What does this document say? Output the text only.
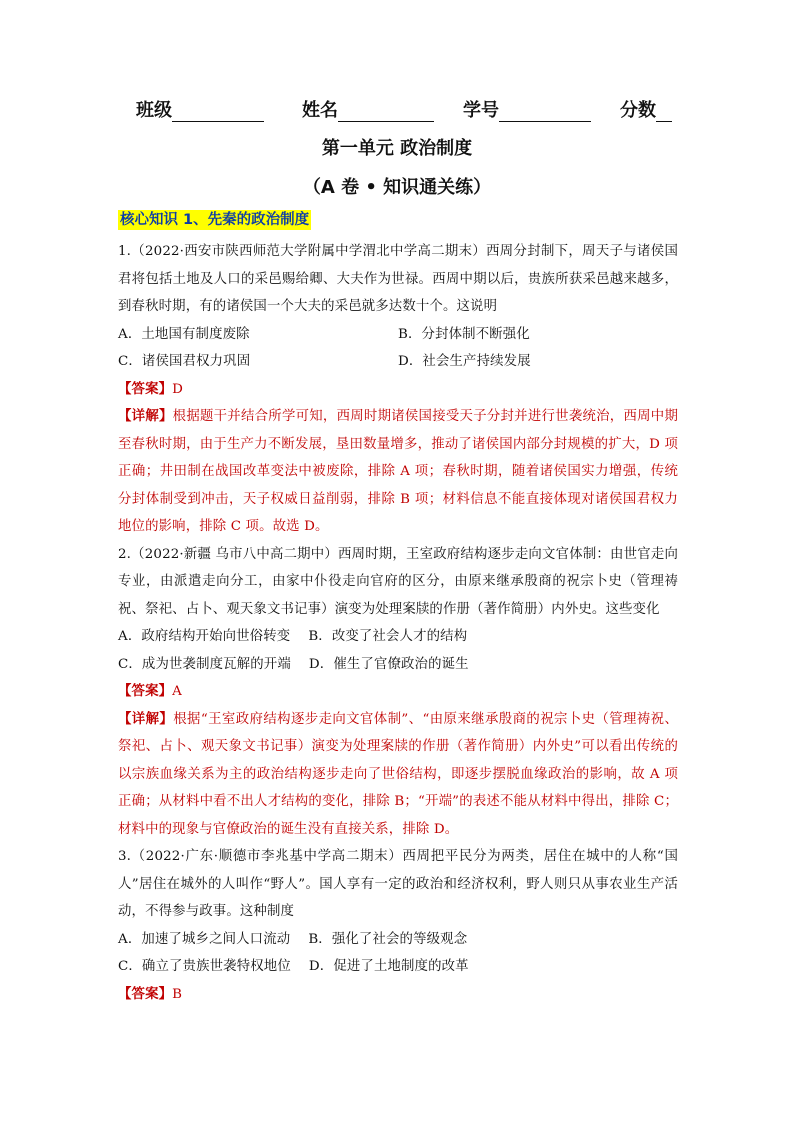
班级	姓名	学号	分数
第一单元 政治制度
（A 卷 • 知识通关练）
核心知识 1、先秦的政治制度

1.（2022·西安市陕西师范大学附属中学渭北中学高二期末）西周分封制下，周天子与诸侯国君将包括土地及人口的采邑赐给卿、大夫作为世禄。西周中期以后，贵族所获采邑越来越多，到春秋时期，有的诸侯国一个大夫的采邑就多达数十个。这说明

A．土地国有制度废除	B．分封体制不断强化
C．诸侯国君权力巩固	D．社会生产持续发展

【答案】D

【详解】根据题干并结合所学可知，西周时期诸侯国接受天子分封并进行世袭统治，西周中期至春秋时期，由于生产力不断发展，垦田数量增多，推动了诸侯国内部分封规模的扩大，D 项正确；井田制在战国改革变法中被废除，排除 A 项；春秋时期，随着诸侯国实力增强，传统分封体制受到冲击，天子权威日益削弱，排除 B 项；材料信息不能直接体现对诸侯国君权力地位的影响，排除 C 项。故选 D。

2.（2022·新疆 乌市八中高二期中）西周时期，王室政府结构逐步走向文官体制：由世官走向专业，由派遣走向分工，由家中仆役走向官府的区分，由原来继承殷商的祝宗卜史（管理祷祝、祭祀、占卜、观天象文书记事）演变为处理案牍的作册（著作简册）内外史。这些变化

A．政府结构开始向世俗转变 B．改变了社会人才的结构
C．成为世袭制度瓦解的开端 D．催生了官僚政治的诞生

【答案】A

【详解】根据“王室政府结构逐步走向文官体制”、“由原来继承殷商的祝宗卜史（管理祷祝、祭祀、占卜、观天象文书记事）演变为处理案牍的作册（著作简册）内外史”可以看出传统的以宗族血缘关系为主的政治结构逐步走向了世俗结构，即逐步摆脱血缘政治的影响，故 A 项正确；从材料中看不出人才结构的变化，排除 B；“开端”的表述不能从材料中得出，排除 C；材料中的现象与官僚政治的诞生没有直接关系，排除 D。

3.（2022·广东·顺德市李兆基中学高二期末）西周把平民分为两类，居住在城中的人称“国人”居住在城外的人叫作“野人”。国人享有一定的政治和经济权利，野人则只从事农业生产活动，不得参与政事。这种制度

A．加速了城乡之间人口流动 B．强化了社会的等级观念
C．确立了贵族世袭特权地位 D．促进了土地制度的改革

【答案】B
